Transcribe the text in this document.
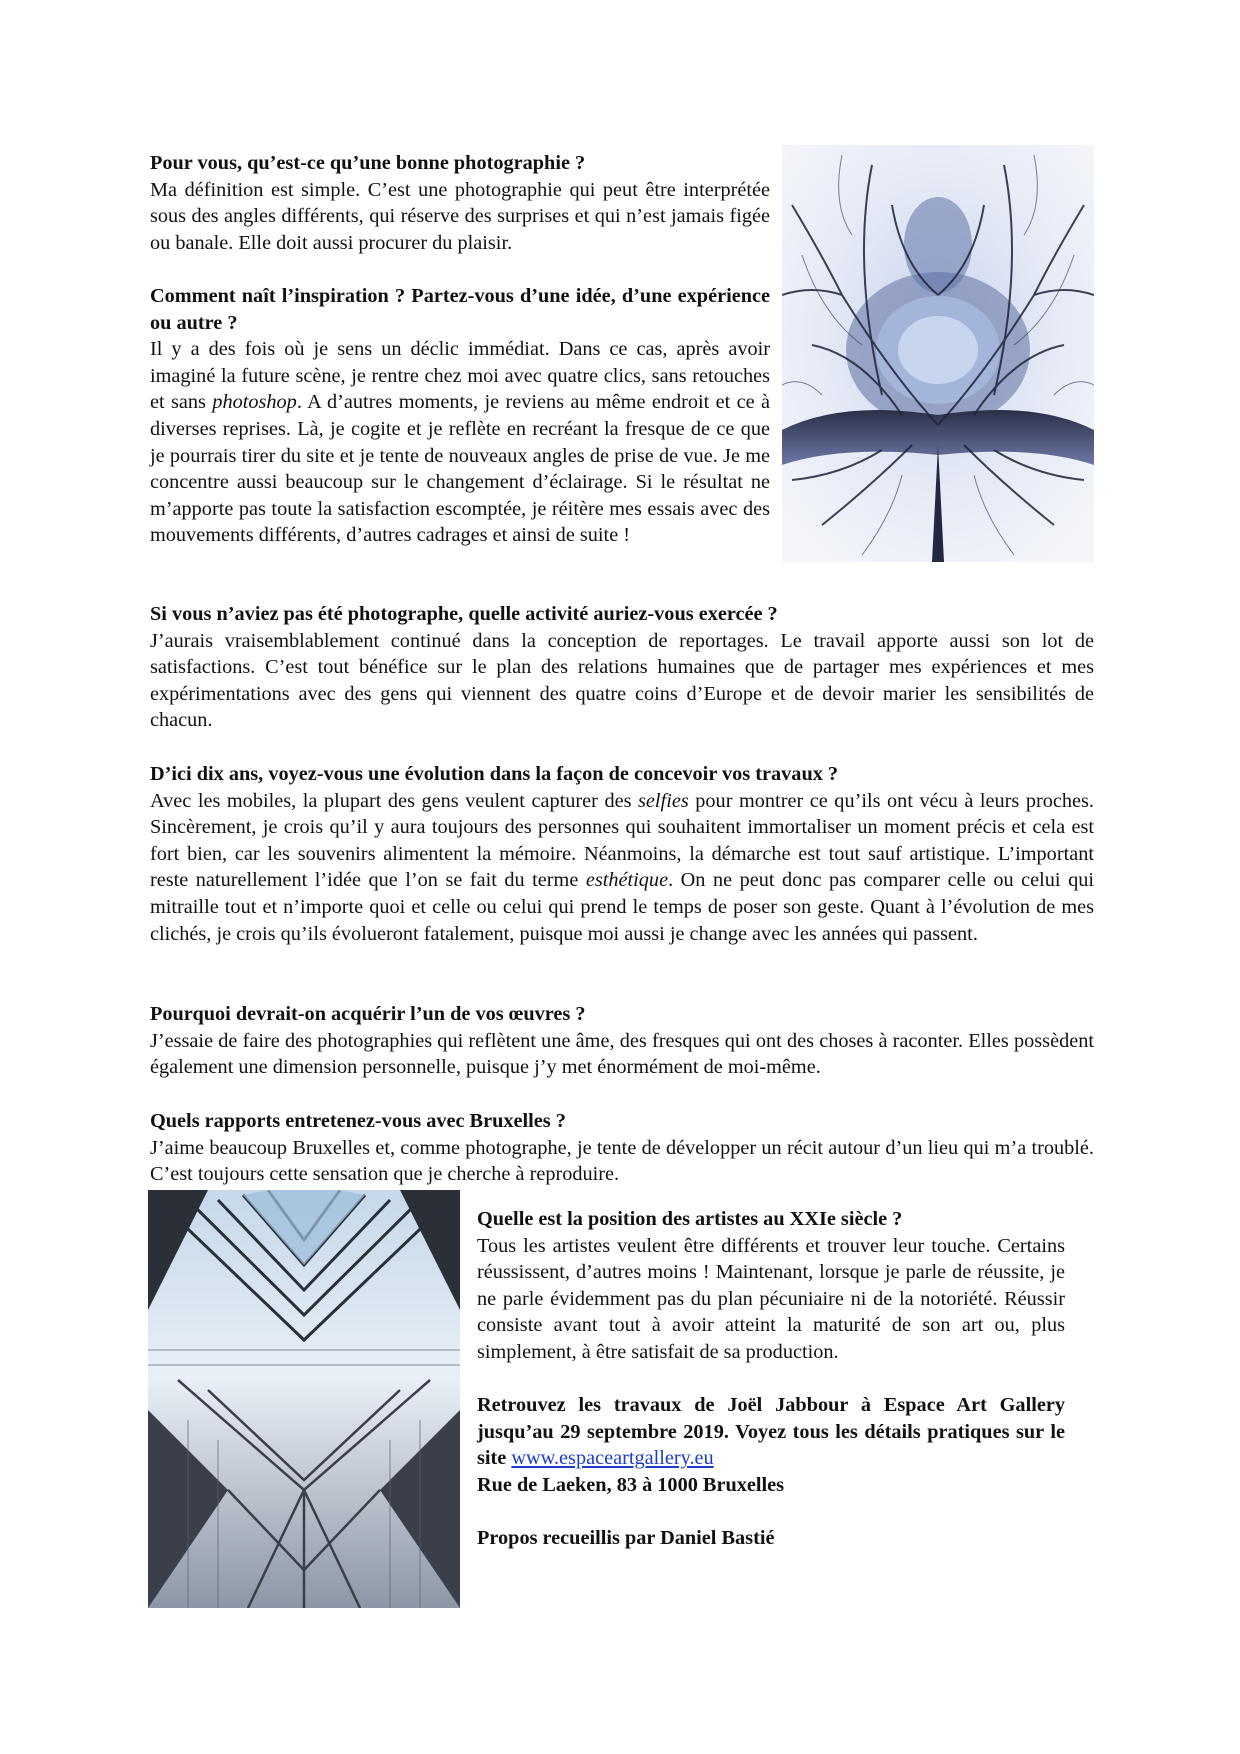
Pour vous, qu’est-ce qu’une bonne photographie ?
Ma définition est simple. C’est une photographie qui peut être interprétée sous des angles différents, qui réserve des surprises et qui n’est jamais figée ou banale. Elle doit aussi procurer du plaisir.
Comment naît l’inspiration ? Partez-vous d’une idée, d’une expérience ou autre ?
Il y a des fois où je sens un déclic immédiat. Dans ce cas, après avoir imaginé la future scène, je rentre chez moi avec quatre clics, sans retouches et sans photoshop. A d’autres moments, je reviens au même endroit et ce à diverses reprises. Là, je cogite et je reflète en recréant la fresque de ce que je pourrais tirer du site et je tente de nouveaux angles de prise de vue. Je me concentre aussi beaucoup sur le changement d’éclairage. Si le résultat ne m’apporte pas toute la satisfaction escomptée, je réitère mes essais avec des mouvements différents, d’autres cadrages et ainsi de suite !
Si vous n’aviez pas été photographe, quelle activité auriez-vous exercée ?
J’aurais vraisemblablement continué dans la conception de reportages. Le travail apporte aussi son lot de satisfactions. C’est tout bénéfice sur le plan des relations humaines que de partager mes expériences et mes expérimentations avec des gens qui viennent des quatre coins d’Europe et de devoir marier les sensibilités de chacun.
D’ici dix ans, voyez-vous une évolution dans la façon de concevoir vos travaux ?
Avec les mobiles, la plupart des gens veulent capturer des selfies pour montrer ce qu’ils ont vécu à leurs proches. Sincèrement, je crois qu’il y aura toujours des personnes qui souhaitent immortaliser un moment précis et cela est fort bien, car les souvenirs alimentent la mémoire. Néanmoins, la démarche est tout sauf artistique. L’important reste naturellement l’idée que l’on se fait du terme esthétique. On ne peut donc pas comparer celle ou celui qui mitraille tout et n’importe quoi et celle ou celui qui prend le temps de poser son geste. Quant à l’évolution de mes clichés, je crois qu’ils évolueront fatalement, puisque moi aussi je change avec les années qui passent.
Pourquoi devrait-on acquérir l’un de vos œuvres ?
J’essaie de faire des photographies qui reflètent une âme, des fresques qui ont des choses à raconter. Elles possèdent également une dimension personnelle, puisque j’y met énormément de moi-même.
Quels rapports entretenez-vous avec Bruxelles ?
J’aime beaucoup Bruxelles et, comme photographe, je tente de développer un récit autour d’un lieu qui m’a troublé. C’est toujours cette sensation que je cherche à reproduire.
Quelle est la position des artistes au XXIe siècle ?
Tous les artistes veulent être différents et trouver leur touche. Certains réussissent, d’autres moins ! Maintenant, lorsque je parle de réussite, je ne parle évidemment pas du plan pécuniaire ni de la notoriété. Réussir consiste avant tout à avoir atteint la maturité de son art ou, plus simplement, à être satisfait de sa production.
Retrouvez les travaux de Joël Jabbour à Espace Art Gallery jusqu’au 29 septembre 2019. Voyez tous les détails pratiques sur le site www.espaceartgallery.eu
Rue de Laeken, 83 à 1000 Bruxelles
Propos recueillis par Daniel Bastié
